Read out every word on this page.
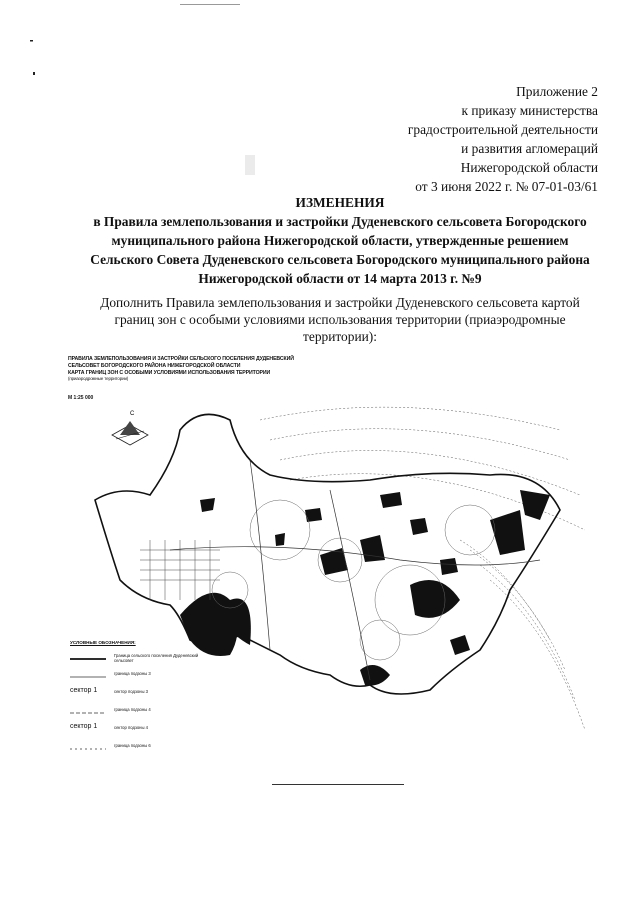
Приложение 2
к приказу министерства
градостроительной деятельности
и развития агломераций
Нижегородской области
от 3 июня 2022 г. № 07-01-03/61
ИЗМЕНЕНИЯ
в Правила землепользования и застройки Дуденевского сельсовета Богородского
муниципального района Нижегородской области, утвержденные решением
Сельского Совета Дуденевского сельсовета Богородского муниципального района
Нижегородской области от 14 марта 2013 г. №9
Дополнить Правила землепользования и застройки Дуденевского сельсовета картой границ зон с особыми условиями использования территории (приаэродромные территории):
ПРАВИЛА ЗЕМЛЕПОЛЬЗОВАНИЯ И ЗАСТРОЙКИ СЕЛЬСКОГО ПОСЕЛЕНИЯ ДУДЕНЕВСКИЙ
СЕЛЬСОВЕТ БОГОРОДСКОГО РАЙОНА НИЖЕГОРОДСКОЙ ОБЛАСТИ
КАРТА ГРАНИЦ ЗОН С ОСОБЫМИ УСЛОВИЯМИ ИСПОЛЬЗОВАНИЯ ТЕРРИТОРИИ
(приаэродромные территории)
М 1:25 000
С
УСЛОВНЫЕ ОБОЗНАЧЕНИЯ:
Граница сельского поселения Дуденевский сельсовет
граница подзоны 3
сектор 1	сектор подзоны 3
граница подзоны 4
сектор 1	сектор подзоны 4
граница подзоны 6
